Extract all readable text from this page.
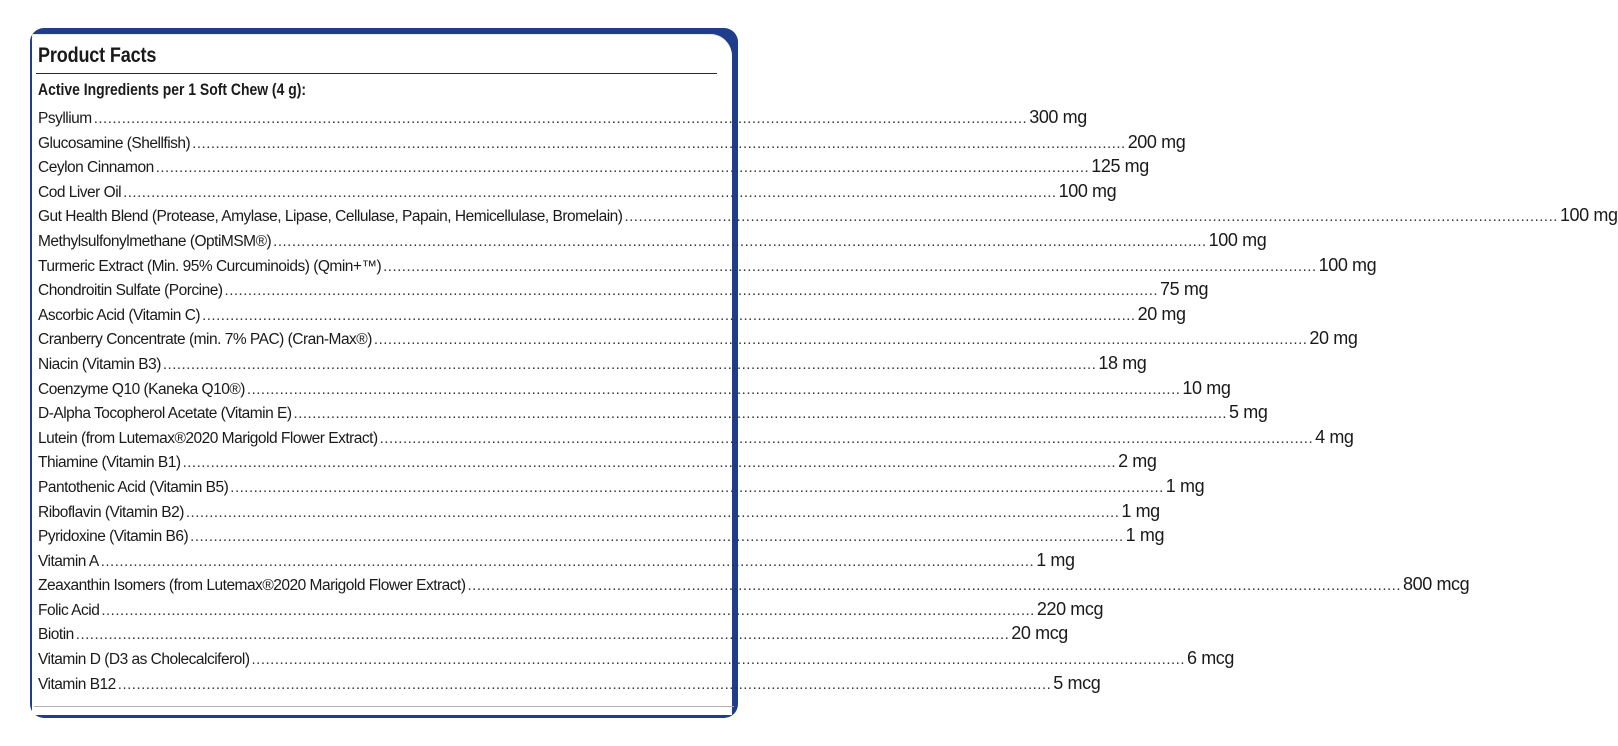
Product Facts
Active Ingredients per 1 Soft Chew (4 g):
Psyllium ........................................................................................................................................................................................................ 300 mg
Glucosamine (Shellfish) ........................................................................................................................................................................................................ 200 mg
Ceylon Cinnamon ........................................................................................................................................................................................................ 125 mg
Cod Liver Oil ........................................................................................................................................................................................................ 100 mg
Gut Health Blend (Protease, Amylase, Lipase, Cellulase, Papain, Hemicellulase, Bromelain) ........................................................................................................................................................................................................ 100 mg
Methylsulfonylmethane (OptiMSM®) ........................................................................................................................................................................................................ 100 mg
Turmeric Extract (Min. 95% Curcuminoids) (Qmin+™) ........................................................................................................................................................................................................ 100 mg
Chondroitin Sulfate (Porcine) ........................................................................................................................................................................................................ 75 mg
Ascorbic Acid (Vitamin C) ........................................................................................................................................................................................................ 20 mg
Cranberry Concentrate (min. 7% PAC) (Cran-Max®) ........................................................................................................................................................................................................ 20 mg
Niacin (Vitamin B3) ........................................................................................................................................................................................................ 18 mg
Coenzyme Q10 (Kaneka Q10®) ........................................................................................................................................................................................................ 10 mg
D-Alpha Tocopherol Acetate (Vitamin E) ........................................................................................................................................................................................................ 5 mg
Lutein (from Lutemax®2020 Marigold Flower Extract) ........................................................................................................................................................................................................ 4 mg
Thiamine (Vitamin B1) ........................................................................................................................................................................................................ 2 mg
Pantothenic Acid (Vitamin B5) ........................................................................................................................................................................................................ 1 mg
Riboflavin (Vitamin B2) ........................................................................................................................................................................................................ 1 mg
Pyridoxine (Vitamin B6) ........................................................................................................................................................................................................ 1 mg
Vitamin A ........................................................................................................................................................................................................ 1 mg
Zeaxanthin Isomers (from Lutemax®2020 Marigold Flower Extract) ........................................................................................................................................................................................................ 800 mcg
Folic Acid ........................................................................................................................................................................................................ 220 mcg
Biotin ........................................................................................................................................................................................................ 20 mcg
Vitamin D (D3 as Cholecalciferol) ........................................................................................................................................................................................................ 6 mcg
Vitamin B12 ........................................................................................................................................................................................................ 5 mcg
